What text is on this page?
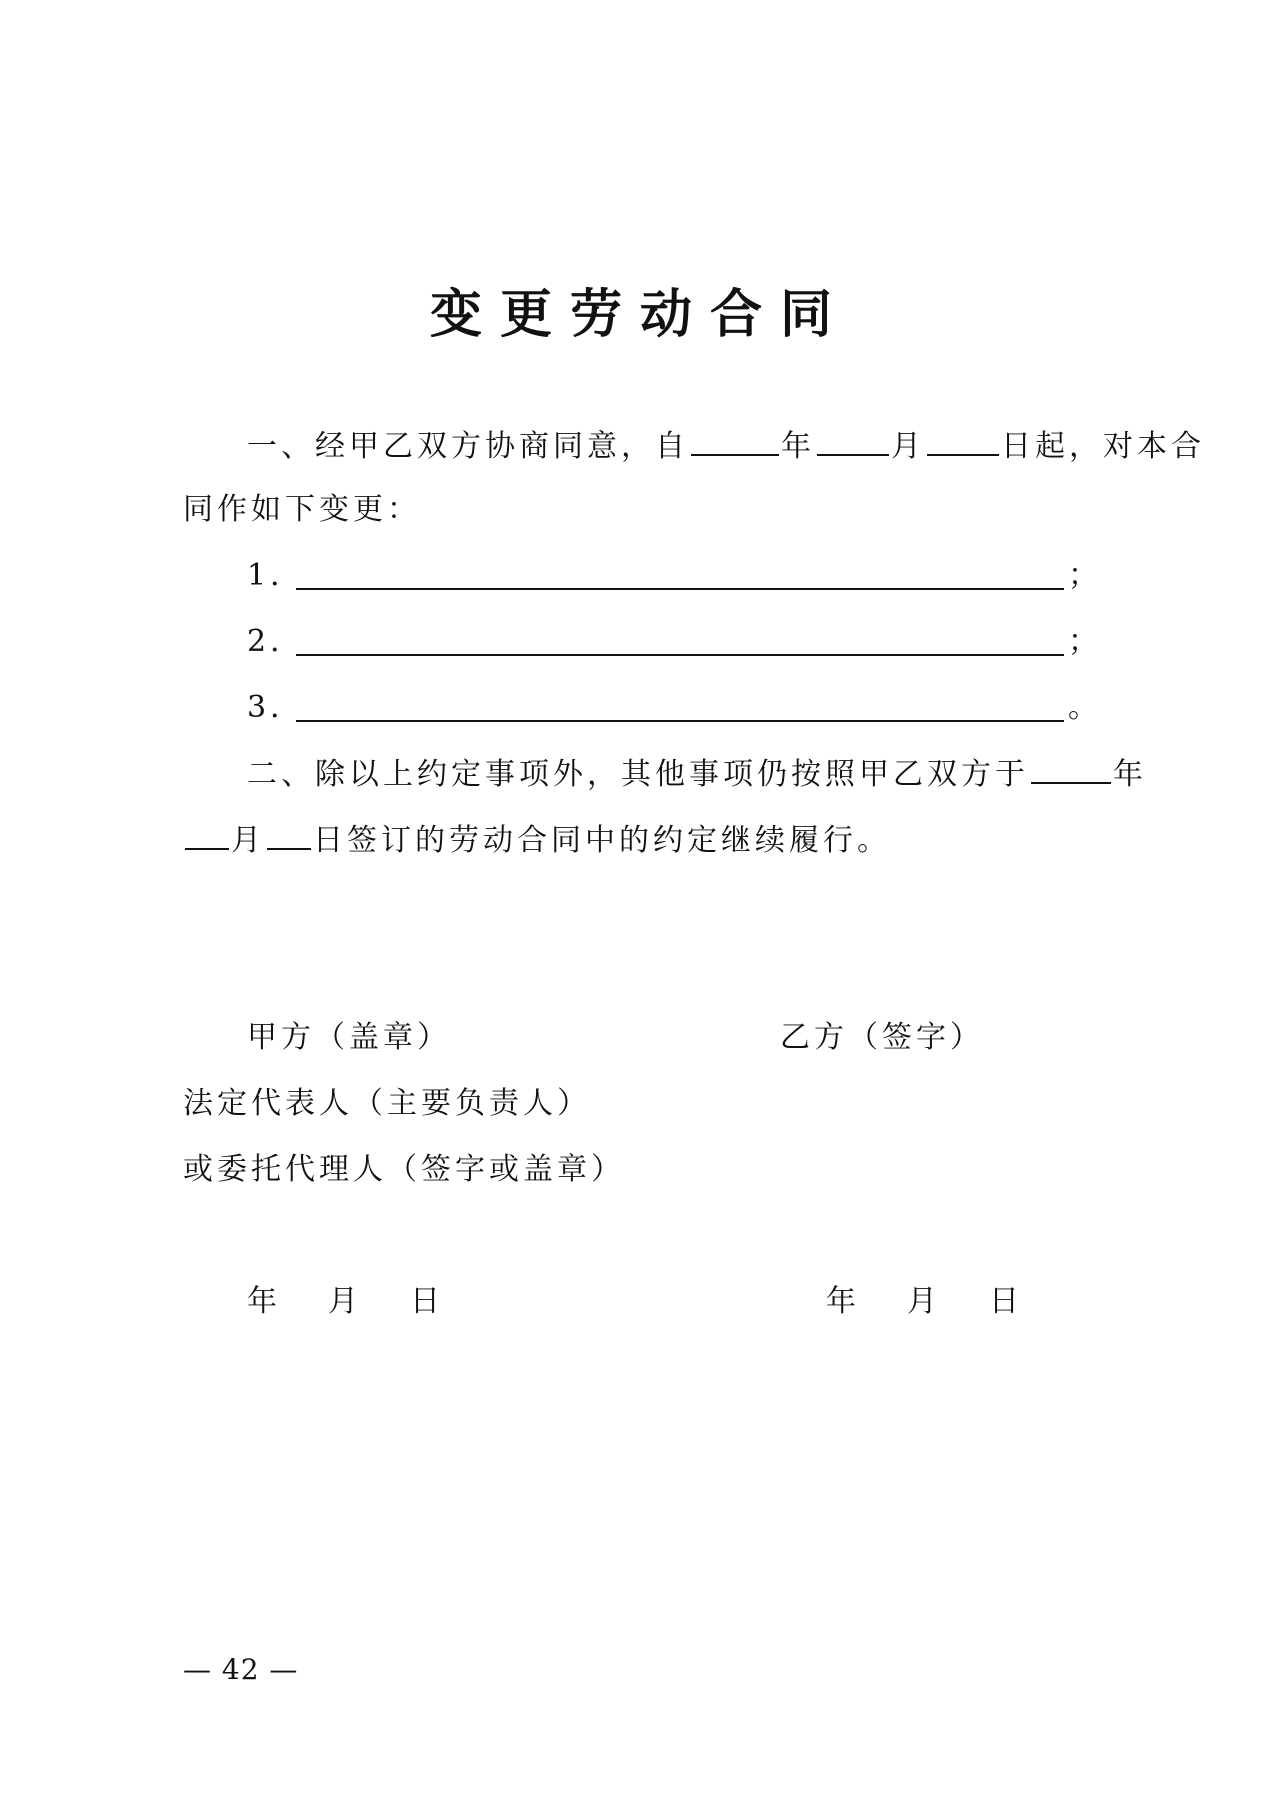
变更劳动合同
一、经甲乙双方协商同意，自	年	月	日起，对本合
同作如下变更：
1．	；
2．	；
3．	。
二、除以上约定事项外，其他事项仍按照甲乙双方于	年
月 日签订的劳动合同中的约定继续履行。
甲方（盖章）	乙方（签字）
法定代表人（主要负责人）
或委托代理人（签字或盖章）
年 月 日	年 月 日
— 42 —
